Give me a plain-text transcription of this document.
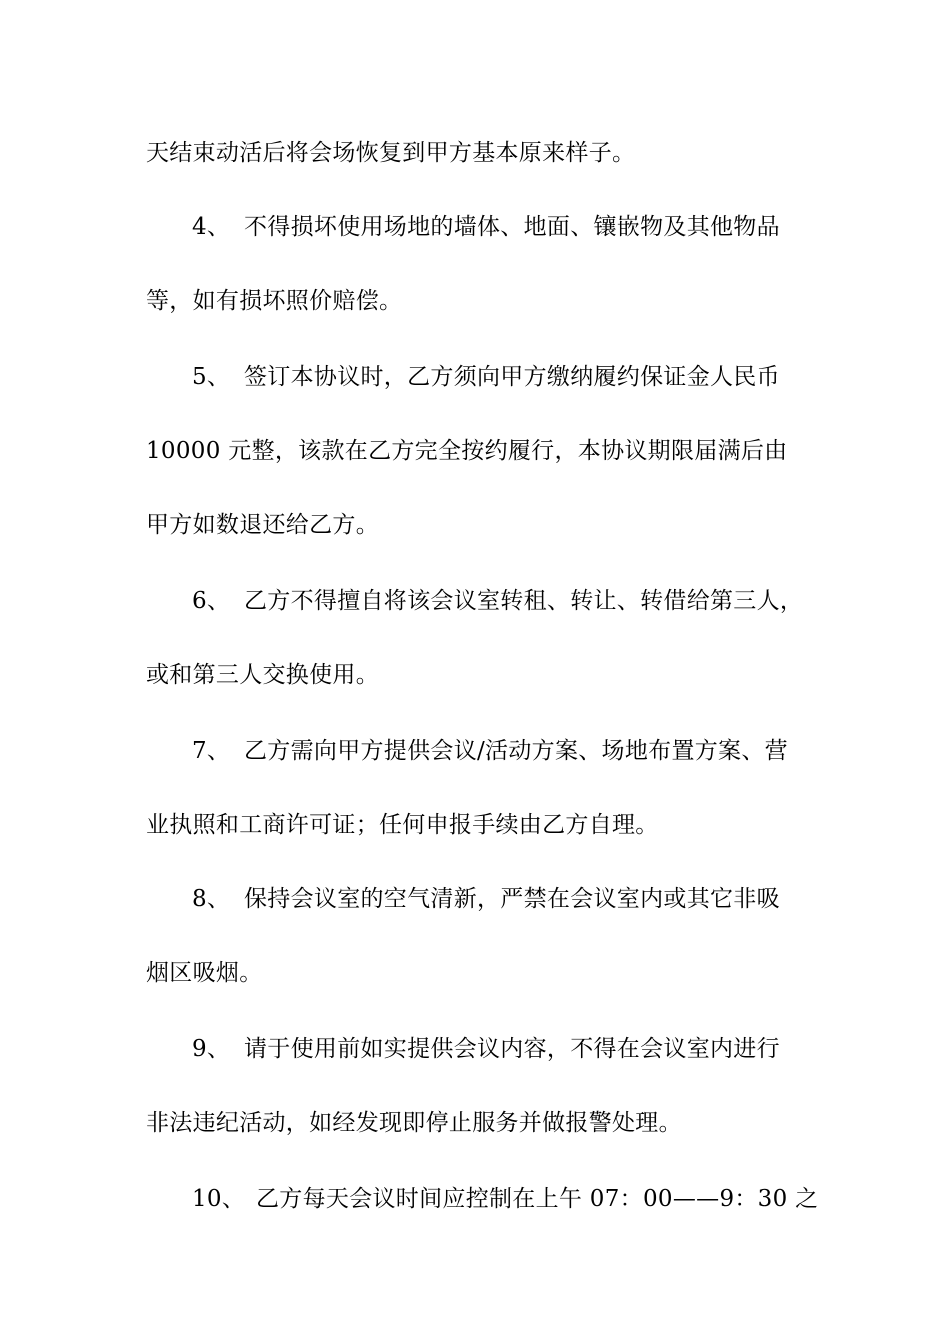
天结束动活后将会场恢复到甲方基本原来样子。
4、 不得损坏使用场地的墙体、地面、镶嵌物及其他物品
等，如有损坏照价赔偿。
5、 签订本协议时，乙方须向甲方缴纳履约保证金人民币
10000 元整，该款在乙方完全按约履行，本协议期限届满后由
甲方如数退还给乙方。
6、 乙方不得擅自将该会议室转租、转让、转借给第三人，
或和第三人交换使用。
7、 乙方需向甲方提供会议/活动方案、场地布置方案、营
业执照和工商许可证；任何申报手续由乙方自理。
8、 保持会议室的空气清新，严禁在会议室内或其它非吸
烟区吸烟。
9、 请于使用前如实提供会议内容，不得在会议室内进行
非法违纪活动，如经发现即停止服务并做报警处理。
10、 乙方每天会议时间应控制在上午 07：00——9：30 之
